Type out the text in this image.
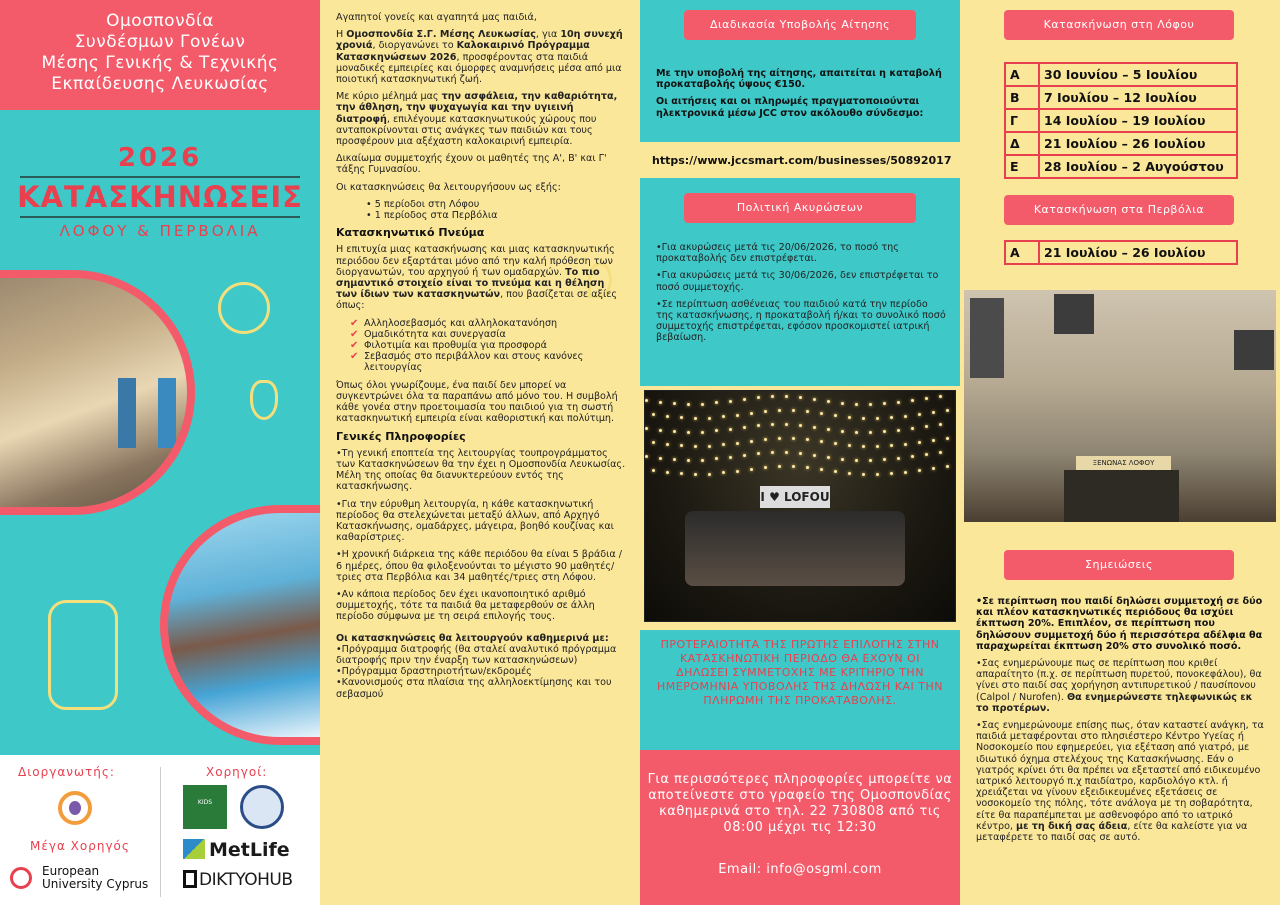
Ομοσπονδία
Συνδέσμων Γονέων
Μέσης Γενικής & Τεχνικής
Εκπαίδευσης Λευκωσίας
2026
ΚΑΤΑΣΚΗΝΩΣΕΙΣ
ΛΟΦΟΥ & ΠΕΡΒΟΛΙΑ
Διοργανωτής:	Χορηγοί:
Μέγα Χορηγός
European
University Cyprus
KIDS
MetLife
DIKTYOHUB

Αγαπητοί γονείς και αγαπητά μας παιδιά,

Η Ομοσπονδία Σ.Γ. Μέσης Λευκωσίας, για 10η συνεχή χρονιά, διοργανώνει το Καλοκαιρινό Πρόγραμμα Κατασκηνώσεων 2026, προσφέροντας στα παιδιά μοναδικές εμπειρίες και όμορφες αναμνήσεις μέσα από μια ποιοτική κατασκηνωτική ζωή.

Με κύριο μέλημά μας την ασφάλεια, την καθαριότητα, την άθληση, την ψυχαγωγία και την υγιεινή διατροφή, επιλέγουμε κατασκηνωτικούς χώρους που ανταποκρίνονται στις ανάγκες των παιδιών και τους προσφέρουν μια αξέχαστη καλοκαιρινή εμπειρία.

Δικαίωμα συμμετοχής έχουν οι μαθητές της Α', Β' και Γ' τάξης Γυμνασίου.

Οι κατασκηνώσεις θα λειτουργήσουν ως εξής:

• 5 περίοδοι στη Λόφου
• 1 περίοδος στα Περβόλια
Κατασκηνωτικό Πνεύμα

Η επιτυχία μιας κατασκήνωσης και μιας κατασκηνωτικής περιόδου δεν εξαρτάται μόνο από την καλή πρόθεση των διοργανωτών, του αρχηγού ή των ομαδαρχών. Το πιο σημαντικό στοιχείο είναι το πνεύμα και η θέληση των ίδιων των κατασκηνωτών, που βασίζεται σε αξίες όπως:

✔ Αλληλοσεβασμός και αλληλοκατανόηση
✔ Ομαδικότητα και συνεργασία
✔ Φιλοτιμία και προθυμία για προσφορά
✔ Σεβασμός στο περιβάλλον και στους κανόνες λειτουργίας

Όπως όλοι γνωρίζουμε, ένα παιδί δεν μπορεί να συγκεντρώνει όλα τα παραπάνω από μόνο του. Η συμβολή κάθε γονέα στην προετοιμασία του παιδιού για τη σωστή κατασκηνωτική εμπειρία είναι καθοριστική και πολύτιμη.

Γενικές Πληροφορίες

•Τη γενική εποπτεία της λειτουργίας τουπρογράμματος των Κατασκηνώσεων θα την έχει η Ομοσπονδία Λευκωσίας. Μέλη της οποίας θα διανυκτερεύουν εντός της κατασκήνωσης.

•Για την εύρυθμη λειτουργία, η κάθε κατασκηνωτική περίοδος θα στελεχώνεται μεταξύ άλλων, από Αρχηγό Κατασκήνωσης, ομαδάρχες, μάγειρα, βοηθό κουζίνας και καθαρίστριες.

•Η χρονική διάρκεια της κάθε περιόδου θα είναι 5 βράδια / 6 ημέρες, όπου θα φιλοξενούνται το μέγιστο 90 μαθητές/τριες στα Περβόλια και 34 μαθητές/τριες στη Λόφου.

•Αν κάποια περίοδος δεν έχει ικανοποιητικό αριθμό συμμετοχής, τότε τα παιδιά θα μεταφερθούν σε άλλη περίοδο σύμφωνα με τη σειρά επιλογής τους.

Οι κατασκηνώσεις θα λειτουργούν καθημερινά με:

•Πρόγραμμα διατροφής (θα σταλεί αναλυτικό πρόγραμμα διατροφής πριν την έναρξη των κατασκηνώσεων)
•Πρόγραμμα δραστηριοτήτων/εκδρομές
•Κανονισμούς στα πλαίσια της αλληλοεκτίμησης και του σεβασμού
Διαδικασία Υποβολής Αίτησης

Με την υποβολή της αίτησης, απαιτείται η καταβολή προκαταβολής ύψους €150.

Οι αιτήσεις και οι πληρωμές πραγματοποιούνται ηλεκτρονικά μέσω JCC στον ακόλουθο σύνδεσμο:

https://www.jccsmart.com/businesses/50892017
Πολιτική Ακυρώσεων

•Για ακυρώσεις μετά τις 20/06/2026, το ποσό της προκαταβολής δεν επιστρέφεται.

•Για ακυρώσεις μετά τις 30/06/2026, δεν επιστρέφεται το ποσό συμμετοχής.

•Σε περίπτωση ασθένειας του παιδιού κατά την περίοδο της κατασκήνωσης, η προκαταβολή ή/και το συνολικό ποσό συμμετοχής επιστρέφεται, εφόσον προσκομιστεί ιατρική βεβαίωση.

I ♥ LOFOU
ΠΡΟΤΕΡΑΙΟΤΗΤΑ ΤΗΣ ΠΡΩΤΗΣ ΕΠΙΛΟΓΗΣ ΣΤΗΝ ΚΑΤΑΣΚΗΝΩΤΙΚΗ ΠΕΡΙΟΔΟ ΘΑ ΕΧΟΥΝ ΟΙ ΔΗΛΩΣΕΙ ΣΥΜΜΕΤΟΧΗΣ ΜΕ ΚΡΙΤΗΡΙΟ ΤΗΝ ΗΜΕΡΟΜΗΝΙΑ ΥΠΟΒΟΛΗΣ ΤΗΣ ΔΗΛΩΣΗ ΚΑΙ ΤΗΝ ΠΛΗΡΩΜΗ ΤΗΣ ΠΡΟΚΑΤΑΒΟΛΗΣ.
Για περισσότερες πληροφορίες μπορείτε να αποτείνεστε στο γραφείο της Ομοσπονδίας καθημερινά στο τηλ. 22 730808 από τις 08:00 μέχρι τις 12:30
Email: info@osgml.com
Κατασκήνωση στη Λόφου
A	30 Ιουνίου – 5 Ιουλίου
B	7 Ιουλίου – 12 Ιουλίου
Γ	14 Ιουλίου – 19 Ιουλίου
Δ	21 Ιουλίου – 26 Ιουλίου
E	28 Ιουλίου – 2 Αυγούστου
Κατασκήνωση στα Περβόλια
A	21 Ιουλίου – 26 Ιουλίου
ΞΕΝΩΝΑΣ ΛΟΦΟΥ
Σημειώσεις

•Σε περίπτωση που παιδί δηλώσει συμμετοχή σε δύο και πλέον κατασκηνωτικές περιόδους θα ισχύει έκπτωση 20%. Επιπλέον, σε περίπτωση που δηλώσουν συμμετοχή δύο ή περισσότερα αδέλφια θα παραχωρείται έκπτωση 20% στο συνολικό ποσό.

•Σας ενημερώνουμε πως σε περίπτωση που κριθεί απαραίτητο (π.χ. σε περίπτωση πυρετού, πονοκεφάλου), θα γίνει στο παιδί σας χορήγηση αντιπυρετικού / παυσίπονου (Calpol / Nurofen). Θα ενημερώνεστε τηλεφωνικώς εκ το προτέρων.

•Σας ενημερώνουμε επίσης πως, όταν καταστεί ανάγκη, τα παιδιά μεταφέρονται στο πλησιέστερο Κέντρο Υγείας ή Νοσοκομείο που εφημερεύει, για εξέταση από γιατρό, με ιδιωτικό όχημα στελέχους της Κατασκήνωσης. Εάν ο γιατρός κρίνει ότι θα πρέπει να εξεταστεί από ειδικευμένο ιατρικό λειτουργό π.χ παιδίατρο, καρδιολόγο κτλ. ή χρειάζεται να γίνουν εξειδικευμένες εξετάσεις σε νοσοκομείο της πόλης, τότε ανάλογα με τη σοβαρότητα, είτε θα παραπέμπεται με ασθενοφόρο από το ιατρικό κέντρο, με τη δική σας άδεια, είτε θα καλείστε για να μεταφέρετε το παιδί σας σε αυτό.
